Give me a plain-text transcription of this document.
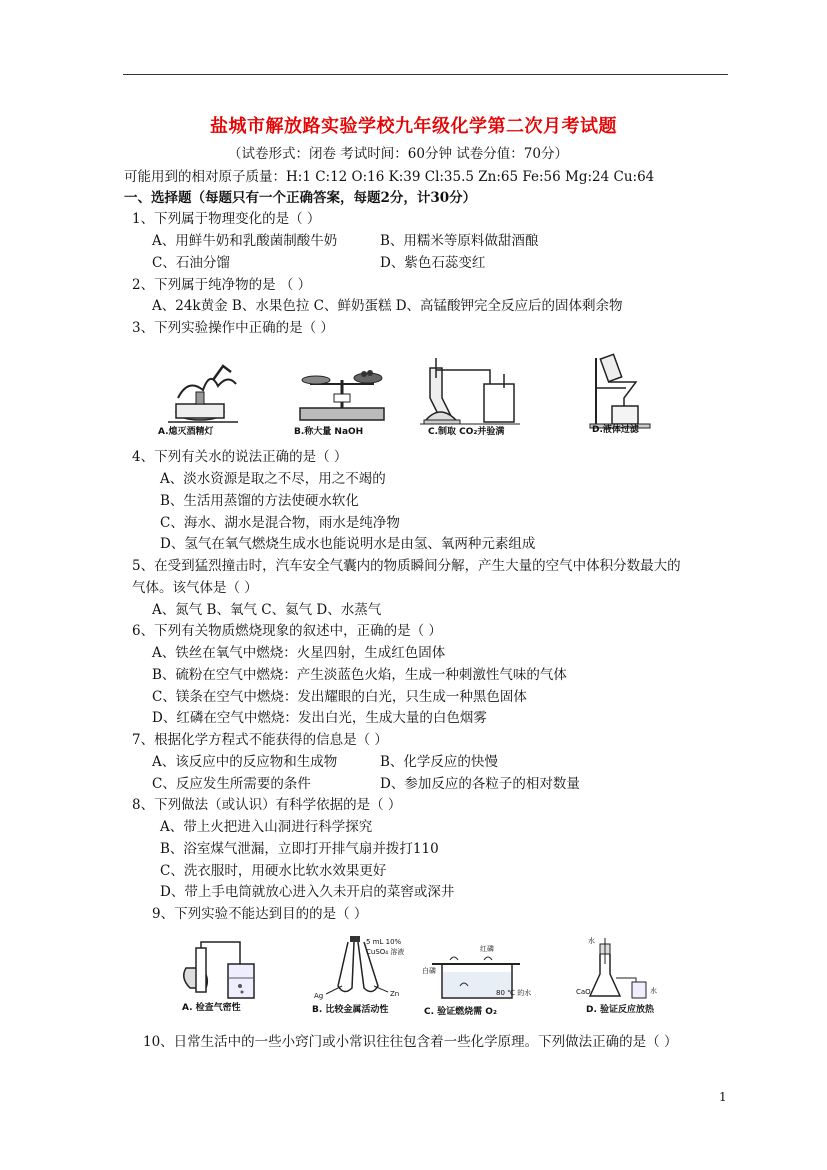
盐城市解放路实验学校九年级化学第二次月考试题
（试卷形式：闭卷 考试时间：60分钟 试卷分值：70分）
可能用到的相对原子质量：H:1 C:12 O:16 K:39 Cl:35.5 Zn:65 Fe:56 Mg:24 Cu:64
一、选择题（每题只有一个正确答案，每题2分，计30分）
1、下列属于物理变化的是（ ）
A、用鲜牛奶和乳酸菌制酸牛奶	B、用糯米等原料做甜酒酿
C、石油分馏	D、紫色石蕊变红
2、下列属于纯净物的是 （ ）
A、24k黄金 B、水果色拉 C、鲜奶蛋糕 D、高锰酸钾完全反应后的固体剩余物
3、下列实验操作中正确的是（ ）
A.熄灭酒精灯	B.称大量 NaOH	C.制取 CO₂并验满	D.液体过滤
4、下列有关水的说法正确的是（ ）
A、淡水资源是取之不尽，用之不竭的
B、生活用蒸馏的方法使硬水软化
C、海水、湖水是混合物，雨水是纯净物
D、氢气在氧气燃烧生成水也能说明水是由氢、氧两种元素组成
5、在受到猛烈撞击时，汽车安全气囊内的物质瞬间分解，产生大量的空气中体积分数最大的
气体。该气体是（ ）
A、氮气 B、氧气 C、氦气 D、水蒸气
6、下列有关物质燃烧现象的叙述中，正确的是（ ）
A、铁丝在氧气中燃烧：火星四射，生成红色固体
B、硫粉在空气中燃烧：产生淡蓝色火焰，生成一种刺激性气味的气体
C、镁条在空气中燃烧：发出耀眼的白光，只生成一种黑色固体
D、红磷在空气中燃烧：发出白光，生成大量的白色烟雾
7、根据化学方程式不能获得的信息是（ ）
A、该反应中的反应物和生成物	B、化学反应的快慢
C、反应发生所需要的条件	D、参加反应的各粒子的相对数量
8、下列做法（或认识）有科学依据的是（ ）
A、带上火把进入山洞进行科学探究
B、浴室煤气泄漏，立即打开排气扇并拨打110
C、洗衣服时，用硬水比软水效果更好
D、带上手电筒就放心进入久未开启的菜窖或深井
9、下列实验不能达到目的的是（ ）
A. 检查气密性
5 mL 10%
CuSO₄ 溶液
Ag	Zn
B. 比较金属活动性
白磷
红磷
80 ℃ 的水
C. 验证燃烧需 O₂
水
CaO	水
D. 验证反应放热
10、日常生活中的一些小窍门或小常识往往包含着一些化学原理。下列做法正确的是（ ）
1
